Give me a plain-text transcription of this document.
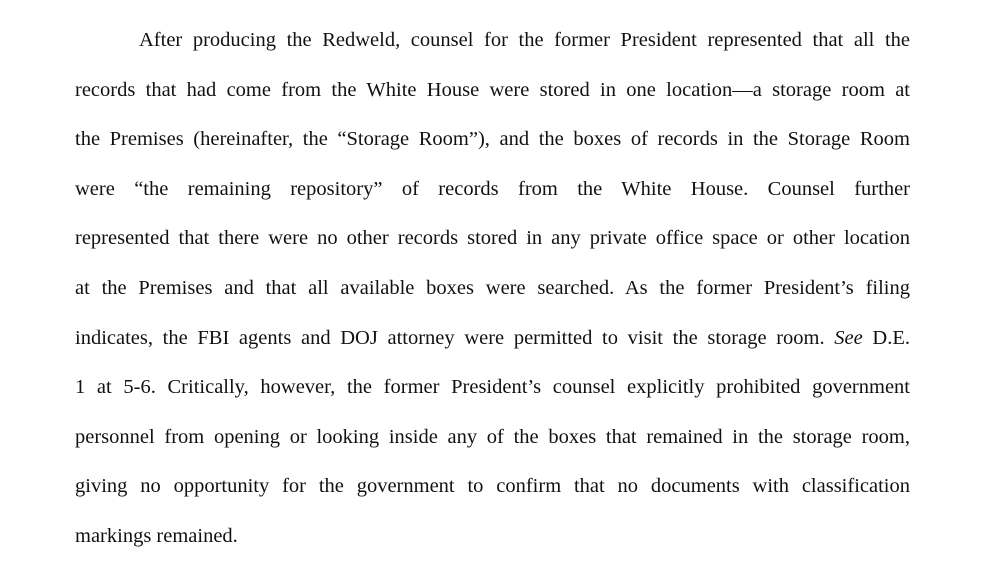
After producing the Redweld, counsel for the former President represented that all the
records that had come from the White House were stored in one location—a storage room at
the Premises (hereinafter, the “Storage Room”), and the boxes of records in the Storage Room
were “the remaining repository” of records from the White House. Counsel further
represented that there were no other records stored in any private office space or other location
at the Premises and that all available boxes were searched. As the former President’s filing
indicates, the FBI agents and DOJ attorney were permitted to visit the storage room. See D.E.
1 at 5-6. Critically, however, the former President’s counsel explicitly prohibited government
personnel from opening or looking inside any of the boxes that remained in the storage room,
giving no opportunity for the government to confirm that no documents with classification
markings remained.
